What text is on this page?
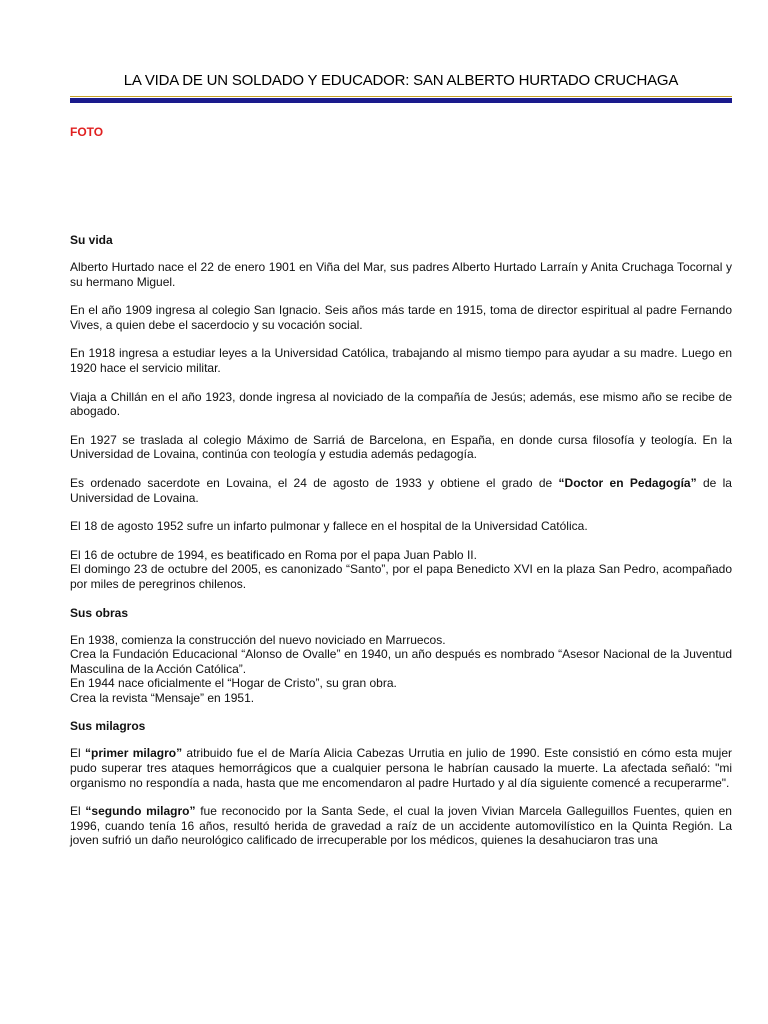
LA VIDA DE UN SOLDADO Y EDUCADOR: SAN ALBERTO HURTADO CRUCHAGA
FOTO
Su vida

Alberto Hurtado nace el 22 de enero 1901 en Viña del Mar, sus padres Alberto Hurtado Larraín y Anita Cruchaga Tocornal y su hermano Miguel.

En el año 1909 ingresa al colegio San Ignacio. Seis años más tarde en 1915, toma de director espiritual al padre Fernando Vives, a quien debe el sacerdocio y su vocación social.

En 1918 ingresa a estudiar leyes a la Universidad Católica, trabajando al mismo tiempo para ayudar a su madre. Luego en 1920 hace el servicio militar.

Viaja a Chillán en el año 1923, donde ingresa al noviciado de la compañía de Jesús; además, ese mismo año se recibe de abogado.

En 1927 se traslada al colegio Máximo de Sarriá de Barcelona, en España, en donde cursa filosofía y teología. En la Universidad de Lovaina, continúa con teología y estudia además pedagogía.

Es ordenado sacerdote en Lovaina, el 24 de agosto de 1933 y obtiene el grado de “Doctor en Pedagogía” de la Universidad de Lovaina.

El 18 de agosto 1952 sufre un infarto pulmonar y fallece en el hospital de la Universidad Católica.

El 16 de octubre de 1994, es beatificado en Roma por el papa Juan Pablo II.
El domingo 23 de octubre del 2005, es canonizado “Santo”, por el papa Benedicto XVI en la plaza San Pedro, acompañado por miles de peregrinos chilenos.

Sus obras

En 1938, comienza la construcción del nuevo noviciado en Marruecos.
Crea la Fundación Educacional “Alonso de Ovalle” en 1940, un año después es nombrado “Asesor Nacional de la Juventud Masculina de la Acción Católica”.
En 1944 nace oficialmente el “Hogar de Cristo”, su gran obra.
Crea la revista “Mensaje” en 1951.

Sus milagros

El “primer milagro” atribuido fue el de María Alicia Cabezas Urrutia en julio de 1990. Este consistió en cómo esta mujer pudo superar tres ataques hemorrágicos que a cualquier persona le habrían causado la muerte. La afectada señaló: "mi organismo no respondía a nada, hasta que me encomendaron al padre Hurtado y al día siguiente comencé a recuperarme".

El “segundo milagro” fue reconocido por la Santa Sede, el cual la joven Vivian Marcela Galleguillos Fuentes, quien en 1996, cuando tenía 16 años, resultó herida de gravedad a raíz de un accidente automovilístico en la Quinta Región. La joven sufrió un daño neurológico calificado de irrecuperable por los médicos, quienes la desahuciaron tras una
